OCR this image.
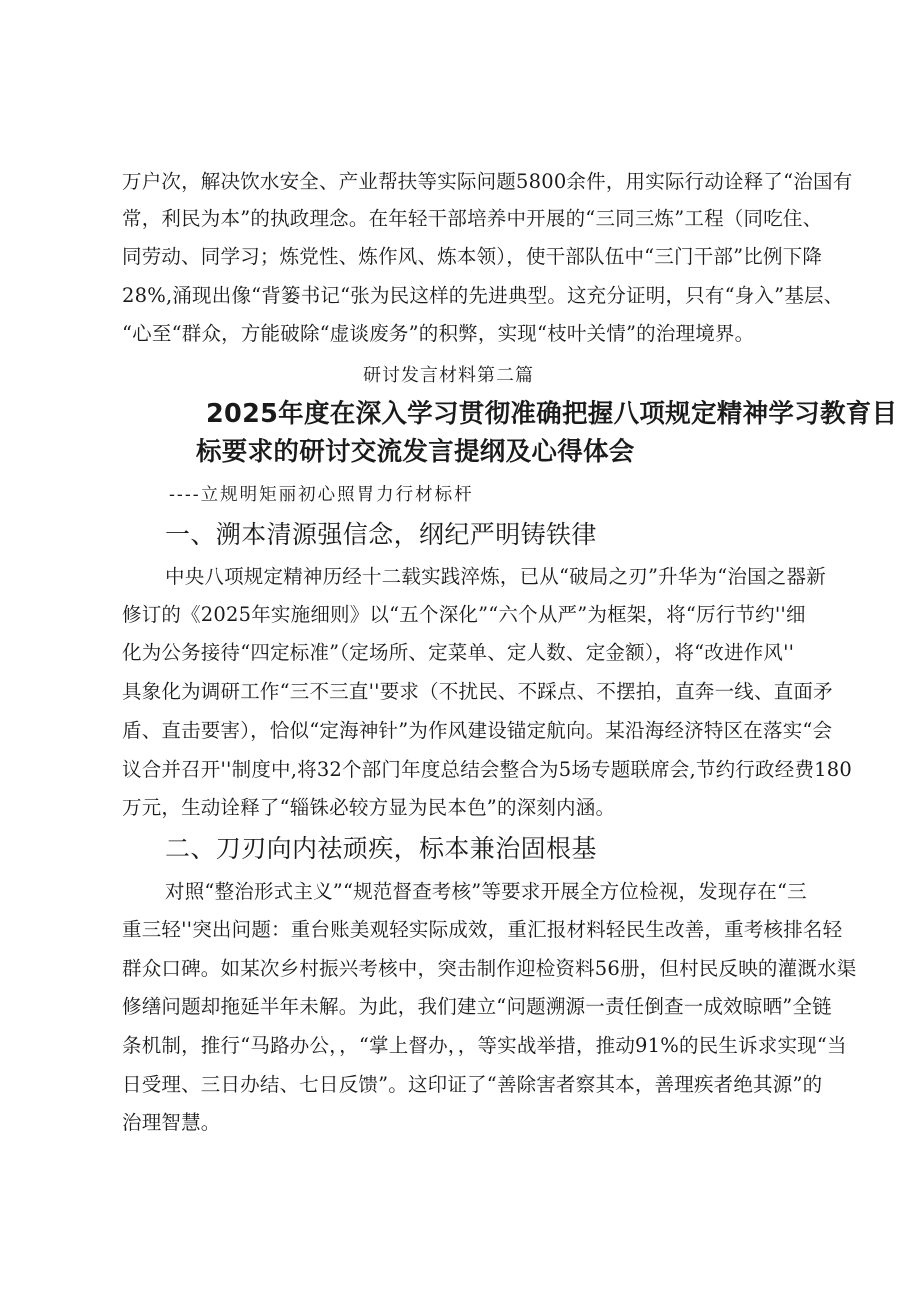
万户次，解决饮水安全、产业帮扶等实际问题5800余件，用实际行动诠释了“治国有
常，利民为本”的执政理念。在年轻干部培养中开展的“三同三炼”工程（同吃住、
同劳动、同学习；炼党性、炼作风、炼本领），使干部队伍中“三门干部”比例下降
28%,涌现出像“背篓书记“张为民这样的先进典型。这充分证明，只有“身入”基层、
“心至“群众，方能破除“虚谈废务”的积弊，实现“枝叶关情”的治理境界。
研讨发言材料第二篇
2025年度在深入学习贯彻准确把握八项规定精神学习教育目
标要求的研讨交流发言提纲及心得体会
----立规明矩丽初心照胃力行材标杆
一、溯本清源强信念，纲纪严明铸铁律
中央八项规定精神历经十二载实践淬炼，已从“破局之刃”升华为“治国之器新
修订的《2025年实施细则》以“五个深化”“六个从严”为框架，将“厉行节约''细
化为公务接待“四定标准”（定场所、定菜单、定人数、定金额），将“改进作风''
具象化为调研工作“三不三直''要求（不扰民、不踩点、不摆拍，直奔一线、直面矛
盾、直击要害），恰似“定海神针”为作风建设锚定航向。某沿海经济特区在落实“会
议合并召开''制度中,将32个部门年度总结会整合为5场专题联席会,节约行政经费180
万元，生动诠释了“辎铢必较方显为民本色”的深刻内涵。
二、刀刃向内祛顽疾，标本兼治固根基
对照“整治形式主义”“规范督查考核”等要求开展全方位检视，发现存在“三
重三轻''突出问题：重台账美观轻实际成效，重汇报材料轻民生改善，重考核排名轻
群众口碑。如某次乡村振兴考核中，突击制作迎检资料56册，但村民反映的灌溉水渠
修缮问题却拖延半年未解。为此，我们建立“问题溯源一责任倒查一成效晾晒”全链
条机制，推行“马路办公，，“掌上督办，，等实战举措，推动91%的民生诉求实现“当
日受理、三日办结、七日反馈”。这印证了“善除害者察其本，善理疾者绝其源”的
治理智慧。
